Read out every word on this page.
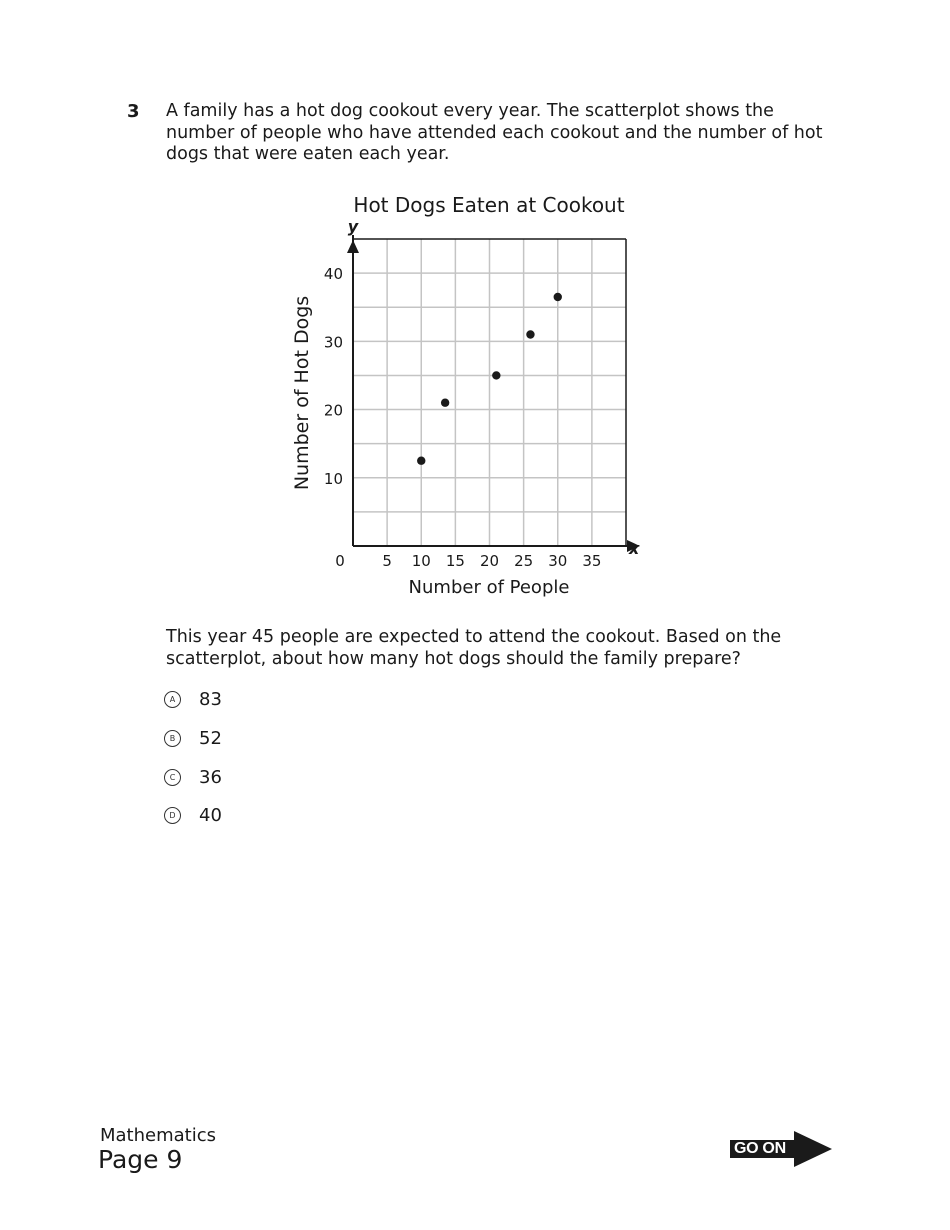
3 A family has a hot dog cookout every year. The scatterplot shows the number of people who have attended each cookout and the number of hot dogs that were eaten each year.
5 10 15 20 25 30 35
10
20
30
40
Hot Dogs Eaten at Cookout
Number of People
Number of Hot Dogs
x
y
0
This year 45 people are expected to attend the cookout. Based on the scatterplot, about how many hot dogs should the family prepare?
A	83
B	52
C	36
D	40
Mathematics
Page 9	GO ON
